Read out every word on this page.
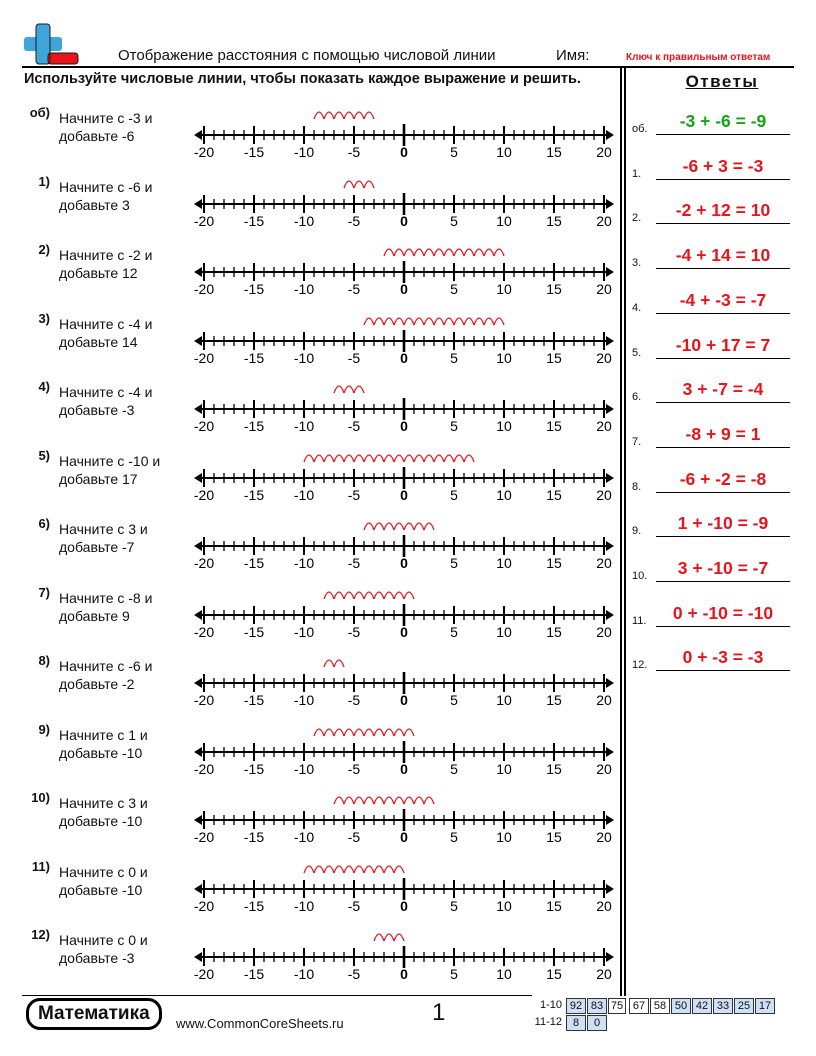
Отображение расстояния с помощью числовой линии	Имя:	Ключ к правильным ответам
Используйте числовые линии, чтобы показать каждое выражение и решить.	Ответы
об) Начните с -3 и
добавьте -6
-20 -15 -10 -5	0	5	10 15 20
1) Начните с -6 и
добавьте 3
-20 -15 -10 -5	0	5	10 15 20
2) Начните с -2 и
добавьте 12
-20 -15 -10 -5	0	5	10 15 20
3) Начните с -4 и
добавьте 14
-20 -15 -10 -5	0	5	10 15 20
4) Начните с -4 и
добавьте -3
-20 -15 -10 -5	0	5	10 15 20
5) Начните с -10 и
добавьте 17
-20 -15 -10 -5	0	5	10 15 20
6) Начните с 3 и
добавьте -7
-20 -15 -10 -5	0	5	10 15 20
7) Начните с -8 и
добавьте 9
-20 -15 -10 -5	0	5	10 15 20
8) Начните с -6 и
добавьте -2
-20 -15 -10 -5	0	5	10 15 20
9) Начните с 1 и
добавьте -10
-20 -15 -10 -5	0	5	10 15 20
10) Начните с 3 и
добавьте -10
-20 -15 -10 -5	0	5	10 15 20
11) Начните с 0 и
добавьте -10
-20 -15 -10 -5	0	5	10 15 20
12) Начните с 0 и
добавьте -3
-20 -15 -10 -5	0	5	10 15 20
об.	-3 + -6 = -9
1.	-6 + 3 = -3
2.	-2 + 12 = 10
3.	-4 + 14 = 10
4.	-4 + -3 = -7
5.	-10 + 17 = 7
6.	3 + -7 = -4
7.	-8 + 9 = 1
8.	-6 + -2 = -8
9.	1 + -10 = -9
10.	3 + -10 = -7
11.	0 + -10 = -10
12.	0 + -3 = -3
Математика	www.CommonCoreSheets.ru	1	1-10 92 83 75 67 58 50 42 33 25 17
11-12 8	0
